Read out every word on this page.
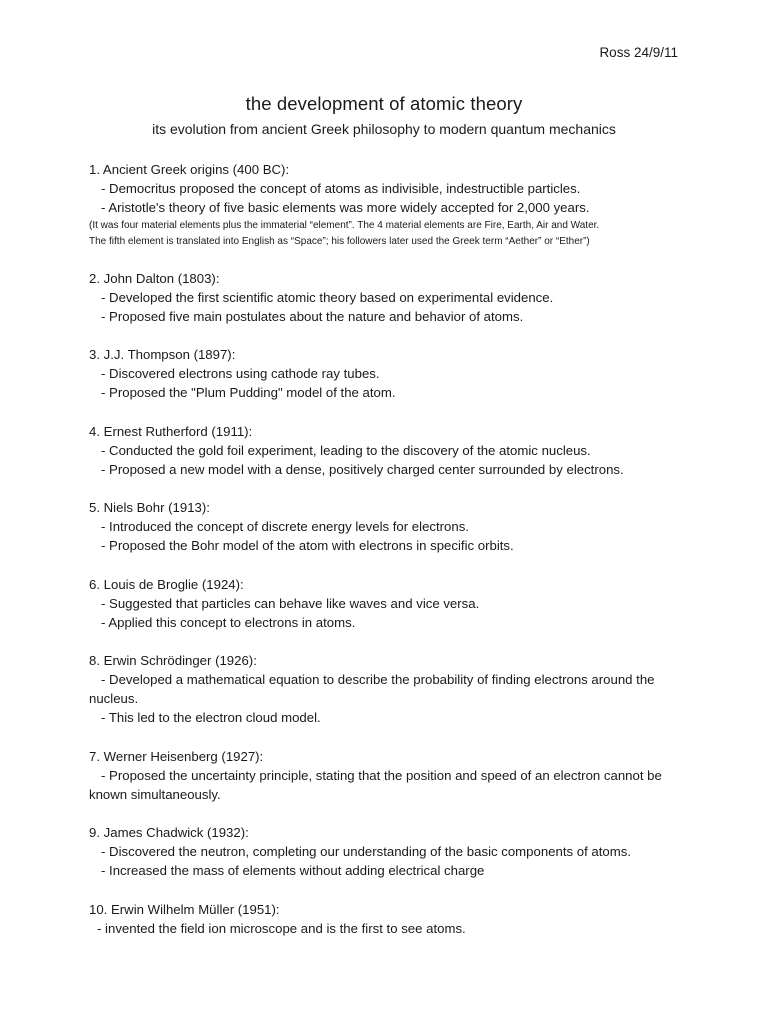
Ross 24/9/11
the development of atomic theory
its evolution from ancient Greek philosophy to modern quantum mechanics
1. Ancient Greek origins (400 BC):
- Democritus proposed the concept of atoms as indivisible, indestructible particles.
- Aristotle's theory of five basic elements was more widely accepted for 2,000 years.
(It was four material elements plus the immaterial “element”. The 4 material elements are Fire, Earth, Air and Water.
The fifth element is translated into English as “Space”; his followers later used the Greek term “Aether” or “Ether”)
2. John Dalton (1803):
- Developed the first scientific atomic theory based on experimental evidence.
- Proposed five main postulates about the nature and behavior of atoms.
3. J.J. Thompson (1897):
- Discovered electrons using cathode ray tubes.
- Proposed the "Plum Pudding" model of the atom.
4. Ernest Rutherford (1911):
- Conducted the gold foil experiment, leading to the discovery of the atomic nucleus.
- Proposed a new model with a dense, positively charged center surrounded by electrons.
5. Niels Bohr (1913):
- Introduced the concept of discrete energy levels for electrons.
- Proposed the Bohr model of the atom with electrons in specific orbits.
6. Louis de Broglie (1924):
- Suggested that particles can behave like waves and vice versa.
- Applied this concept to electrons in atoms.
8. Erwin Schrödinger (1926):
- Developed a mathematical equation to describe the probability of finding electrons around the nucleus.
- This led to the electron cloud model.
7. Werner Heisenberg (1927):
- Proposed the uncertainty principle, stating that the position and speed of an electron cannot be known simultaneously.
9. James Chadwick (1932):
- Discovered the neutron, completing our understanding of the basic components of atoms.
- Increased the mass of elements without adding electrical charge
10. Erwin Wilhelm Müller (1951):
- invented the field ion microscope and is the first to see atoms.
